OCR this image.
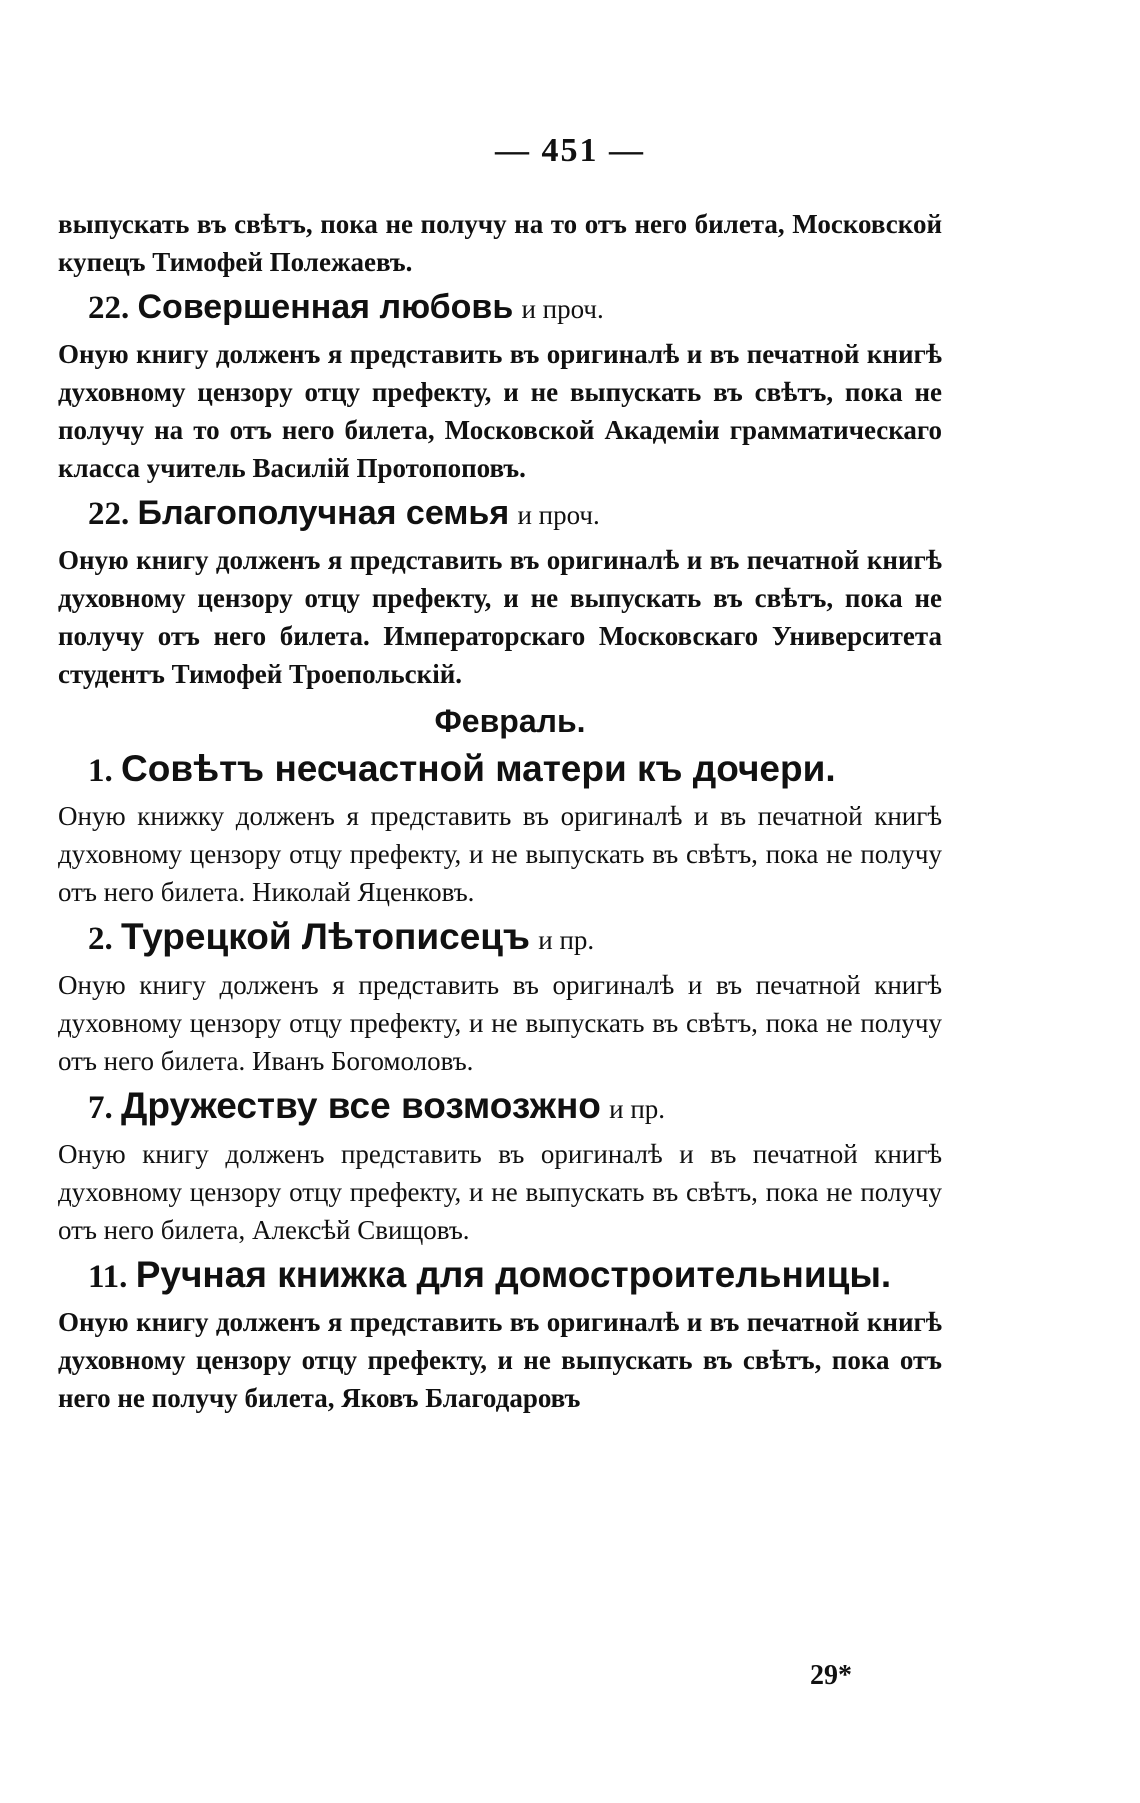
— 451 —

выпускать въ свѣтъ, пока не получу на то отъ него билета, Московской купецъ Тимофей Полежаевъ.

22. Совершенная любовь и проч.

Оную книгу долженъ я представить въ оригиналѣ и въ печатной книгѣ духовному цензору отцу префекту, и не выпускать въ свѣтъ, пока не получу на то отъ него билета, Московской Академіи грамматическаго класса учитель Василій Протопоповъ.

22. Благополучная семья и проч.

Оную книгу долженъ я представить въ оригиналѣ и въ печатной книгѣ духовному цензору отцу префекту, и не выпускать въ свѣтъ, пока не получу отъ него билета. Императорскаго Московскаго Университета студентъ Тимофей Троепольскій.

Февраль.
1. Совѣтъ несчастной матери къ дочери.

Оную книжку долженъ я представить въ оригиналѣ и въ печатной книгѣ духовному цензору отцу префекту, и не выпускать въ свѣтъ, пока не получу отъ него билета. Николай Яценковъ.

2. Турецкой Лѣтописецъ и пр.

Оную книгу долженъ я представить въ оригиналѣ и въ печатной книгѣ духовному цензору отцу префекту, и не выпускать въ свѣтъ, пока не получу отъ него билета. Иванъ Богомоловъ.

7. Дружеству все возмозжно и пр.

Оную книгу долженъ представить въ оригиналѣ и въ печатной книгѣ духовному цензору отцу префекту, и не выпускать въ свѣтъ, пока не получу отъ него билета, Алексѣй Свищовъ.

11. Ручная книжка для домостроительницы.

Оную книгу долженъ я представить въ оригиналѣ и въ печатной книгѣ духовному цензору отцу префекту, и не выпускать въ свѣтъ, пока отъ него не получу билета, Яковъ Благодаровъ

29*
